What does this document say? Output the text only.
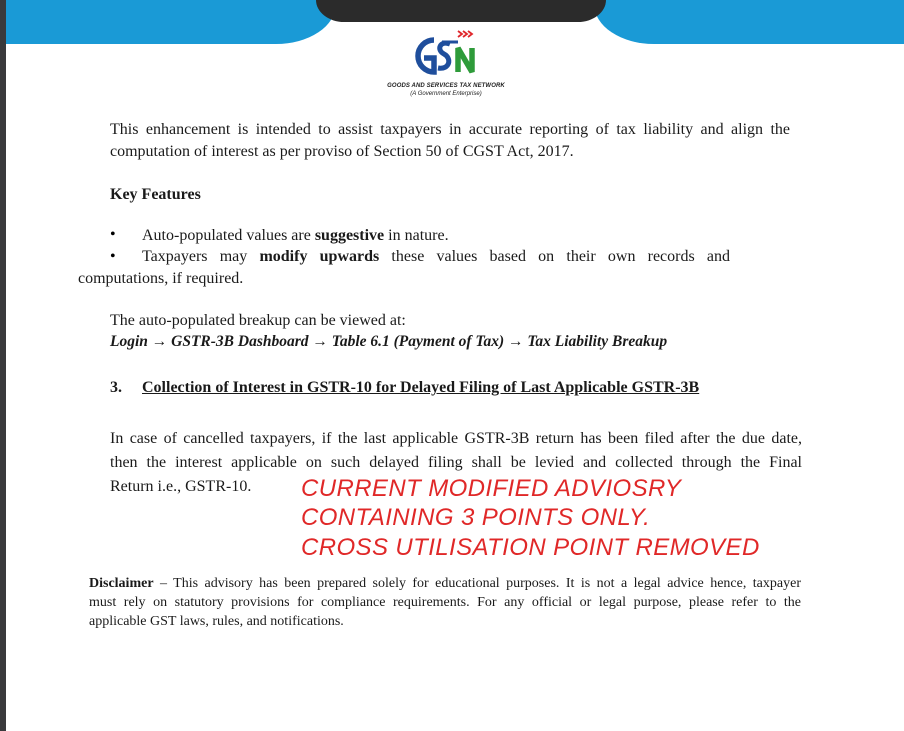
GOODS AND SERVICES TAX NETWORK
(A Government Enterprise)
This enhancement is intended to assist taxpayers in accurate reporting of tax liability and align the computation of interest as per proviso of Section 50 of CGST Act, 2017.
Key Features
• Auto-populated values are suggestive in nature.
•	Taxpayers may modify upwards these values based on their own records and
computations, if required.
The auto-populated breakup can be viewed at:
Login → GSTR-3B Dashboard → Table 6.1 (Payment of Tax) → Tax Liability Breakup
3. Collection of Interest in GSTR-10 for Delayed Filing of Last Applicable GSTR-3B
In case of cancelled taxpayers, if the last applicable GSTR-3B return has been filed after the due date,
then the interest applicable on such delayed filing shall be levied and collected through the Final
Return i.e., GSTR-10.	CURRENT MODIFIED ADVIOSRY
CONTAINING 3 POINTS ONLY.
CROSS UTILISATION POINT REMOVED
Disclaimer – This advisory has been prepared solely for educational purposes. It is not a legal advice hence, taxpayer
must rely on statutory provisions for compliance requirements. For any official or legal purpose, please refer to the
applicable GST laws, rules, and notifications.
